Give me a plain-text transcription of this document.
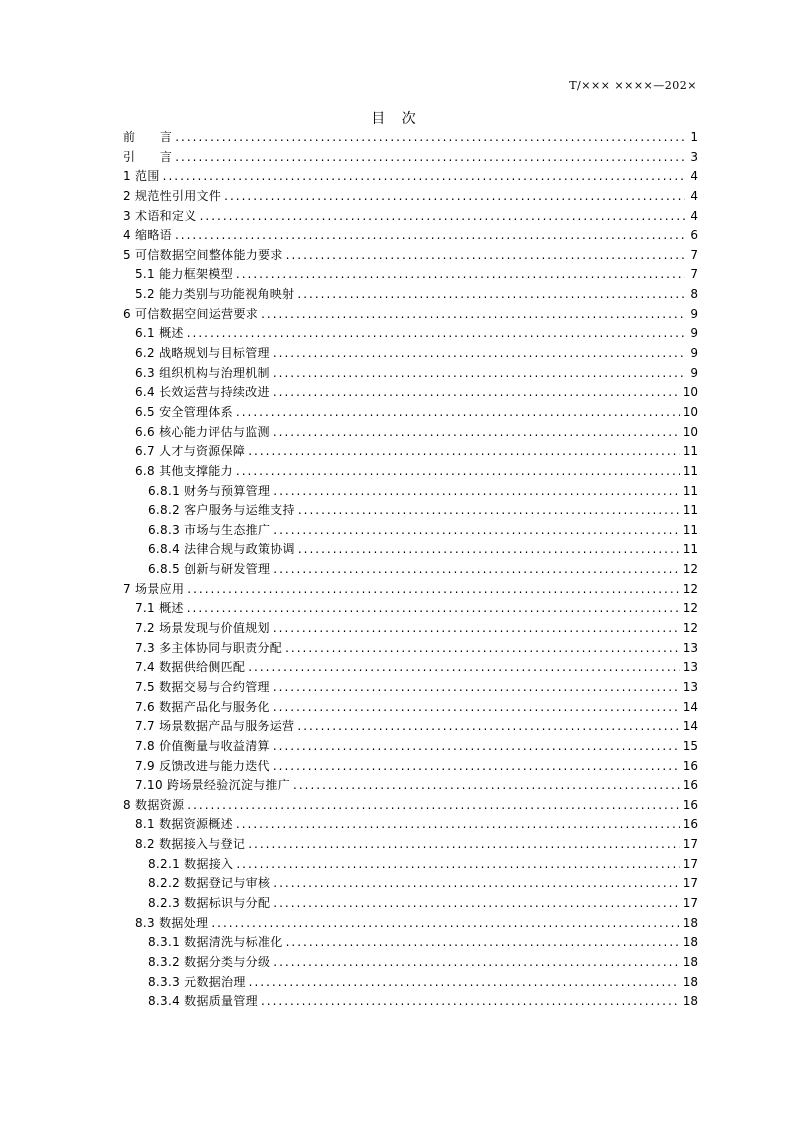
T/××× ××××—202×
目 次
前　　言 .....	1
引　　言 .....	3
1 范围 .....	4
2 规范性引用文件 .....	4
3 术语和定义 .....	4
4 缩略语 .....	6
5 可信数据空间整体能力要求 .....	7
5.1 能力框架模型 .....	7
5.2 能力类别与功能视角映射 .....	8
6 可信数据空间运营要求 .....	9
6.1 概述 .....	9
6.2 战略规划与目标管理 .....	9
6.3 组织机构与治理机制 .....	9
6.4 长效运营与持续改进 .....	10
6.5 安全管理体系 .....	10
6.6 核心能力评估与监测 .....	10
6.7 人才与资源保障 .....	11
6.8 其他支撑能力 .....	11
6.8.1 财务与预算管理 .....	11
6.8.2 客户服务与运维支持 .....	11
6.8.3 市场与生态推广 .....	11
6.8.4 法律合规与政策协调 .....	11
6.8.5 创新与研发管理 .....	12
7 场景应用 .....	12
7.1 概述 .....	12
7.2 场景发现与价值规划 .....	12
7.3 多主体协同与职责分配 .....	13
7.4 数据供给侧匹配 .....	13
7.5 数据交易与合约管理 .....	13
7.6 数据产品化与服务化 .....	14
7.7 场景数据产品与服务运营 .....	14
7.8 价值衡量与收益清算 .....	15
7.9 反馈改进与能力迭代 .....	16
7.10 跨场景经验沉淀与推广 .....	16
8 数据资源 .....	16
8.1 数据资源概述 .....	16
8.2 数据接入与登记 .....	17
8.2.1 数据接入 .....	17
8.2.2 数据登记与审核 .....	17
8.2.3 数据标识与分配 .....	17
8.3 数据处理 .....	18
8.3.1 数据清洗与标准化 .....	18
8.3.2 数据分类与分级 .....	18
8.3.3 元数据治理 .....	18
8.3.4 数据质量管理 .....	18
